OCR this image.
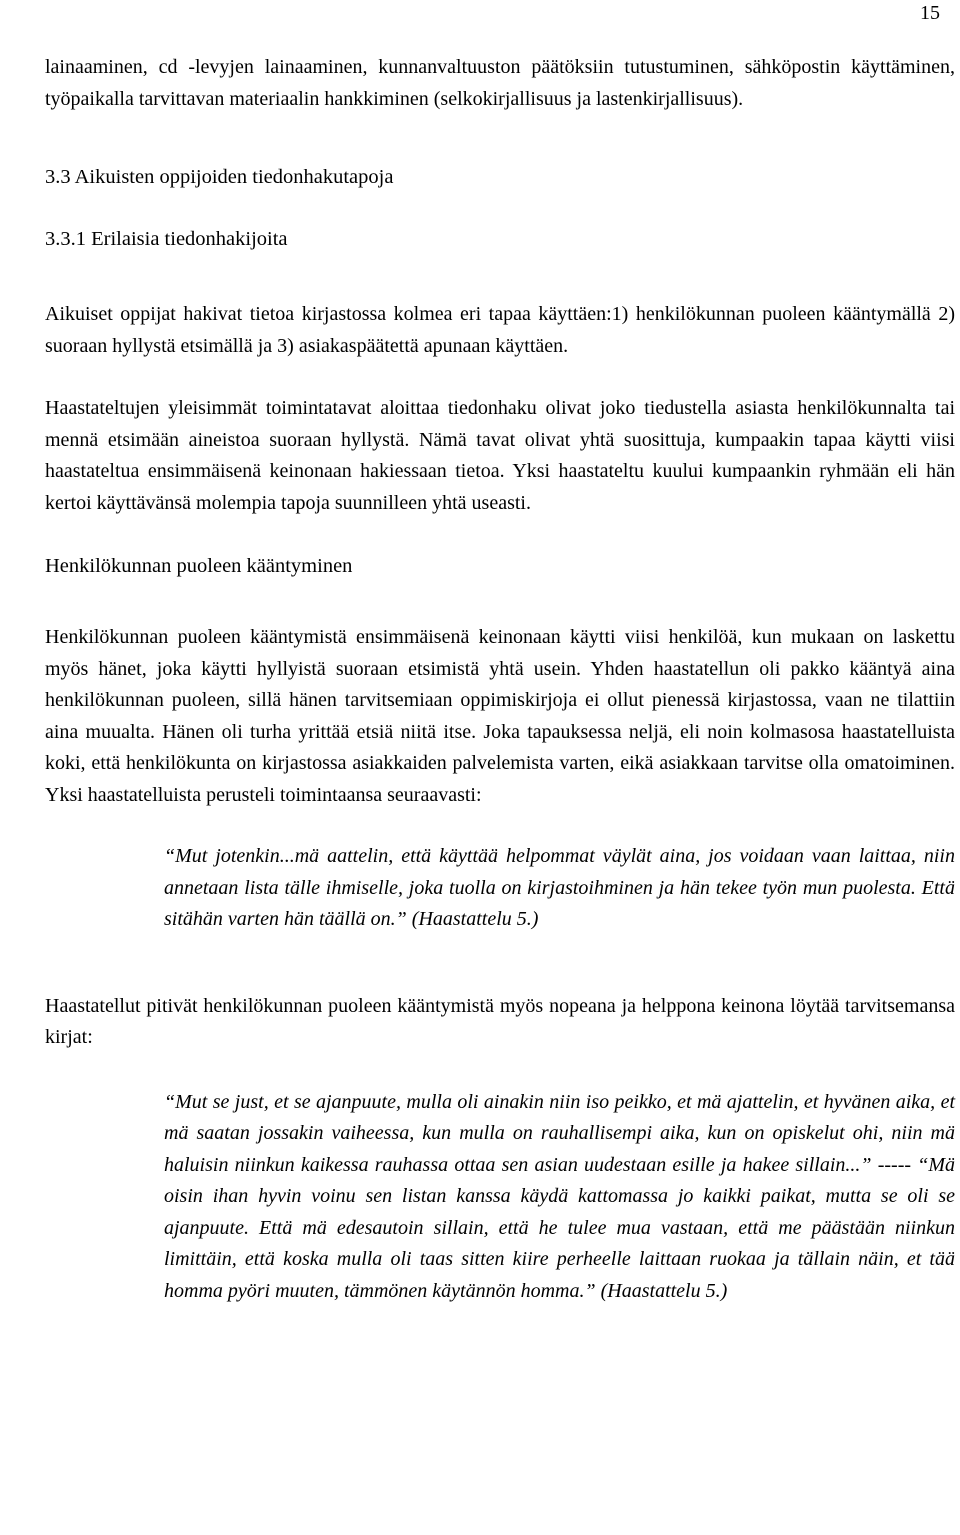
15

lainaaminen, cd -levyjen lainaaminen, kunnanvaltuuston päätöksiin tutustuminen, sähköpostin käyttäminen, työpaikalla tarvittavan materiaalin hankkiminen (selkokirjallisuus ja lastenkirjallisuus).

3.3 Aikuisten oppijoiden tiedonhakutapoja

3.3.1 Erilaisia tiedonhakijoita

Aikuiset oppijat hakivat tietoa kirjastossa kolmea eri tapaa käyttäen:1) henkilökunnan puoleen kääntymällä 2) suoraan hyllystä etsimällä ja 3) asiakaspäätettä apunaan käyttäen.

Haastateltujen yleisimmät toimintatavat aloittaa tiedonhaku olivat joko tiedustella asiasta henkilökunnalta tai mennä etsimään aineistoa suoraan hyllystä. Nämä tavat olivat yhtä suosittuja, kumpaakin tapaa käytti viisi haastateltua ensimmäisenä keinonaan hakiessaan tietoa. Yksi haastateltu kuului kumpaankin ryhmään eli hän kertoi käyttävänsä molempia tapoja suunnilleen yhtä useasti.

Henkilökunnan puoleen kääntyminen

Henkilökunnan puoleen kääntymistä ensimmäisenä keinonaan käytti viisi henkilöä, kun mukaan on laskettu myös hänet, joka käytti hyllyistä suoraan etsimistä yhtä usein. Yhden haastatellun oli pakko kääntyä aina henkilökunnan puoleen, sillä hänen tarvitsemiaan oppimiskirjoja ei ollut pienessä kirjastossa, vaan ne tilattiin aina muualta. Hänen oli turha yrittää etsiä niitä itse. Joka tapauksessa neljä, eli noin kolmasosa haastatelluista koki, että henkilökunta on kirjastossa asiakkaiden palvelemista varten, eikä asiakkaan tarvitse olla omatoiminen. Yksi haastatelluista perusteli toimintaansa seuraavasti:

“Mut jotenkin...mä aattelin, että käyttää helpommat väylät aina, jos voidaan vaan laittaa, niin annetaan lista tälle ihmiselle, joka tuolla on kirjastoihminen ja hän tekee työn mun puolesta. Että sitähän varten hän täällä on.” (Haastattelu 5.)

Haastatellut pitivät henkilökunnan puoleen kääntymistä myös nopeana ja helppona keinona löytää tarvitsemansa kirjat:

“Mut se just, et se ajanpuute, mulla oli ainakin niin iso peikko, et mä ajattelin, et hyvänen aika, et mä saatan jossakin vaiheessa, kun mulla on rauhallisempi aika, kun on opiskelut ohi, niin mä haluisin niinkun kaikessa rauhassa ottaa sen asian uudestaan esille ja hakee sillain...” ----- “Mä oisin ihan hyvin voinu sen listan kanssa käydä kattomassa jo kaikki paikat, mutta se oli se ajanpuute. Että mä edesautoin sillain, että he tulee mua vastaan, että me päästään niinkun limittäin, että koska mulla oli taas sitten kiire perheelle laittaan ruokaa ja tällain näin, et tää homma pyöri muuten, tämmönen käytännön homma.” (Haastattelu 5.)
